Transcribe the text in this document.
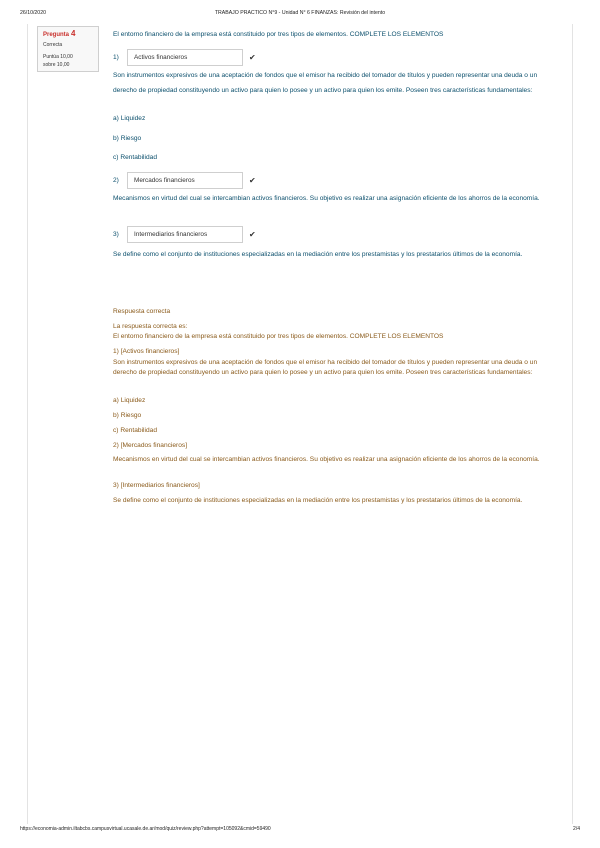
26/10/2020	TRABAJO PRACTICO N°9 - Unidad N° 6 FINANZAS: Revisión del intento
Pregunta 4
Correcta
Puntúa 10,00
sobre 10,00

El entorno financiero de la empresa está constituido por tres tipos de elementos. COMPLETE LOS ELEMENTOS

1)	Activos financieros	✔

Son instrumentos expresivos de una aceptación de fondos que el emisor ha recibido del tomador de títulos y pueden representar una deuda o un derecho de propiedad constituyendo un activo para quien lo posee y un activo para quien los emite. Poseen tres características fundamentales:

a) Liquidez

b) Riesgo

c) Rentabilidad

2)	Mercados financieros	✔

Mecanismos en virtud del cual se intercambian activos financieros. Su objetivo es realizar una asignación eficiente de los ahorros de la economía.

3)	Intermediarios financieros	✔

Se define como el conjunto de instituciones especializadas en la mediación entre los prestamistas y los prestatarios últimos de la economía.

Respuesta correcta

La respuesta correcta es:

El entorno financiero de la empresa está constituido por tres tipos de elementos. COMPLETE LOS ELEMENTOS

1) [Activos financieros]

Son instrumentos expresivos de una aceptación de fondos que el emisor ha recibido del tomador de títulos y pueden representar una deuda o un derecho de propiedad constituyendo un activo para quien lo posee y un activo para quien los emite. Poseen tres características fundamentales:

a) Liquidez

b) Riesgo

c) Rentabilidad

2) [Mercados financieros]

Mecanismos en virtud del cual se intercambian activos financieros. Su objetivo es realizar una asignación eficiente de los ahorros de la economía.

3) [Intermediarios financieros]

Se define como el conjunto de instituciones especializadas en la mediación entre los prestamistas y los prestatarios últimos de la economía.

https://economia-admin.iltabcbs.campusvirtual.ucasale.de.ar/mod/quiz/review.php?attempt=105092&cmid=59490	2/4
